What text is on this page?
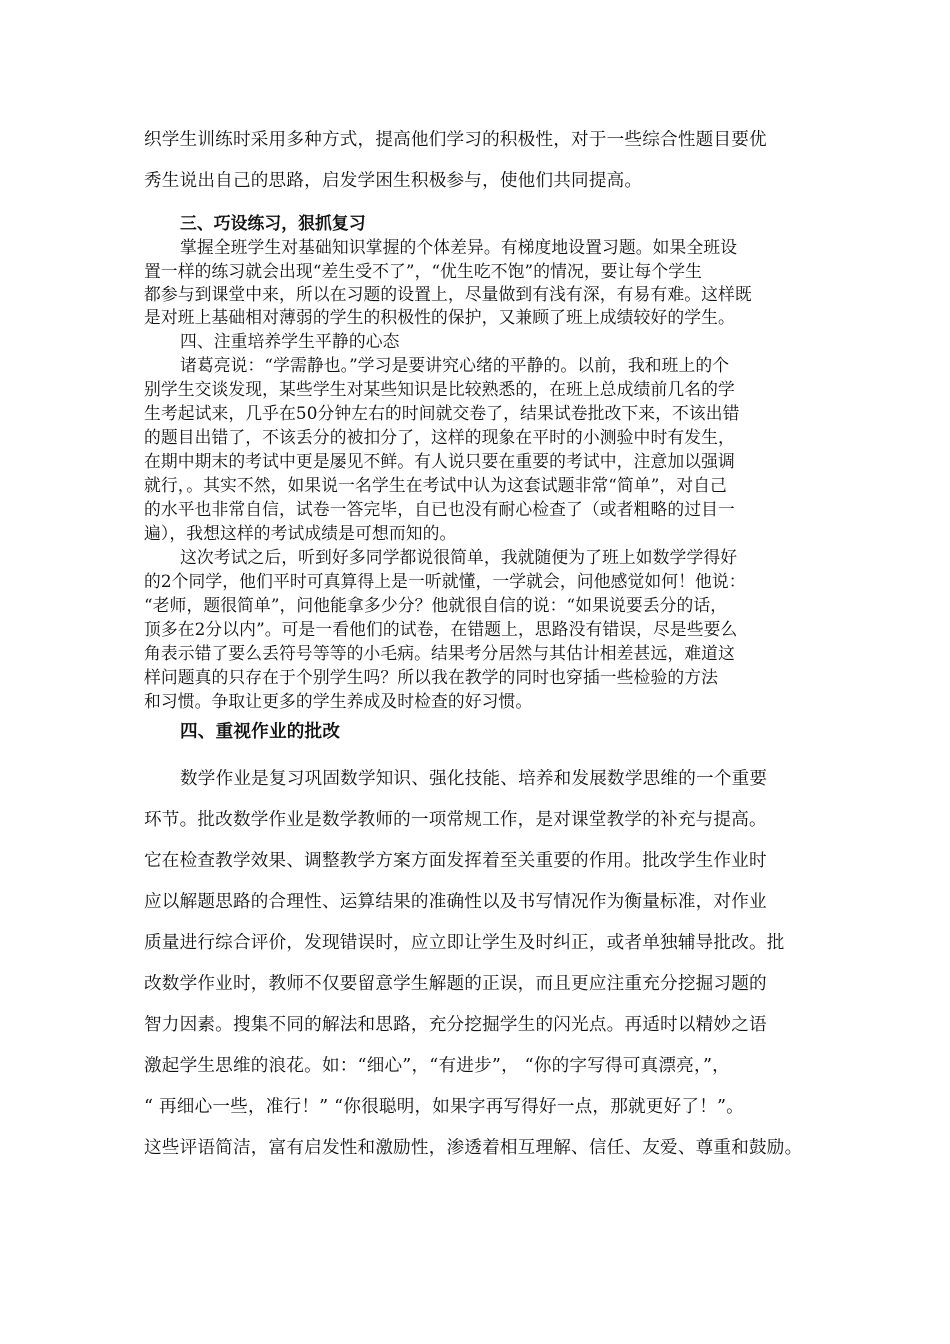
织学生训练时采用多种方式，提高他们学习的积极性，对于一些综合性题目要优
秀生说出自己的思路，启发学困生积极参与，使他们共同提高。
三、巧设练习，狠抓复习
掌握全班学生对基础知识掌握的个体差异。有梯度地设置习题。如果全班设
置一样的练习就会出现“差生受不了”，“优生吃不饱”的情况，要让每个学生
都参与到课堂中来，所以在习题的设置上，尽量做到有浅有深，有易有难。这样既
是对班上基础相对薄弱的学生的积极性的保护，又兼顾了班上成绩较好的学生。
四、注重培养学生平静的心态
诸葛亮说：“学需静也。”学习是要讲究心绪的平静的。以前，我和班上的个
别学生交谈发现，某些学生对某些知识是比较熟悉的，在班上总成绩前几名的学
生考起试来，几乎在50分钟左右的时间就交卷了，结果试卷批改下来，不该出错
的题目出错了，不该丢分的被扣分了，这样的现象在平时的小测验中时有发生，
在期中期末的考试中更是屡见不鲜。有人说只要在重要的考试中，注意加以强调
就行，。其实不然，如果说一名学生在考试中认为这套试题非常“简单”，对自己
的水平也非常自信，试卷一答完毕，自已也没有耐心检查了（或者粗略的过目一
遍），我想这样的考试成绩是可想而知的。
这次考试之后，听到好多同学都说很简单，我就随便为了班上如数学学得好
的2个同学，他们平时可真算得上是一听就懂，一学就会，问他感觉如何！他说：
“老师，题很简单”，问他能拿多少分？他就很自信的说：“如果说要丢分的话，
顶多在2分以内”。可是一看他们的试卷，在错题上，思路没有错误，尽是些要么
角表示错了要么丢符号等等的小毛病。结果考分居然与其估计相差甚远，难道这
样问题真的只存在于个别学生吗？所以我在教学的同时也穿插一些检验的方法
和习惯。争取让更多的学生养成及时检查的好习惯。
四、重视作业的批改
数学作业是复习巩固数学知识、强化技能、培养和发展数学思维的一个重要
环节。批改数学作业是数学教师的一项常规工作，是对课堂教学的补充与提高。
它在检查教学效果、调整教学方案方面发挥着至关重要的作用。批改学生作业时
应以解题思路的合理性、运算结果的准确性以及书写情况作为衡量标准，对作业
质量进行综合评价，发现错误时，应立即让学生及时纠正，或者单独辅导批改。批
改数学作业时，教师不仅要留意学生解题的正误，而且更应注重充分挖掘习题的
智力因素。搜集不同的解法和思路，充分挖掘学生的闪光点。再适时以精妙之语
激起学生思维的浪花。如：“细心”，“有进步”， “你的字写得可真漂亮，”，
“ 再细心一些，准行！” “你很聪明，如果字再写得好一点，那就更好了！”。
这些评语简洁，富有启发性和激励性，渗透着相互理解、信任、友爱、尊重和鼓励。
